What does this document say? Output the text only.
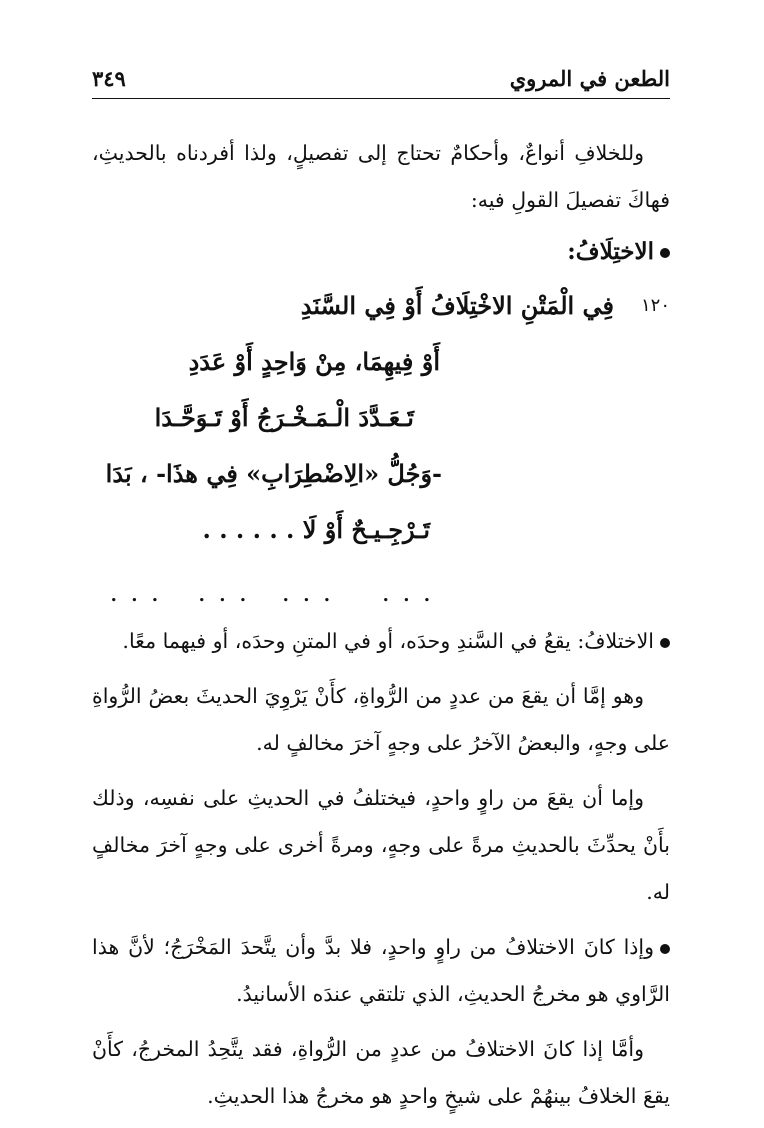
الطعن في المروي
٣٤٩

وللخلافِ أنواعٌ، وأحكامٌ تحتاج إلى تفصيلٍ، ولذا أفردناه بالحديثِ، فهاكَ تفصيلَ القولِ فيه:

الاختِلَافُ:
١٢٠
فِي الْمَتْنِ الاخْتِلَافُ أَوْ فِي السَّنَدِ
أَوْ فِيهِمَا، مِنْ وَاحِدٍ أَوْ عَدَدِ
تَـعَـدَّدَ الْـمَـخْـرَجُ أَوْ تَـوَحَّـدَا
-وَجُلُّ «الِاضْطِرَابِ» فِي هذَا- ، بَدَا
تَـرْجِـيـحٌ أَوْ لَا . . . . . .
. . .
. . .
. . .
. . .

الاختلافُ: يقعُ في السَّندِ وحدَه، أو في المتنِ وحدَه، أو فيهما معًا.

وهو إمَّا أن يقعَ من عددٍ من الرُّواةِ، كأَنْ يَرْوِيَ الحديثَ بعضُ الرُّواةِ على وجهٍ، والبعضُ الآخرُ على وجهٍ آخرَ مخالفٍ له.

وإما أن يقعَ من راوٍ واحدٍ، فيختلفُ في الحديثِ على نفسِه، وذلك بأَنْ يحدِّثَ بالحديثِ مرةً على وجهٍ، ومرةً أخرى على وجهٍ آخرَ مخالفٍ له.

وإذا كانَ الاختلافُ من راوٍ واحدٍ، فلا بدَّ وأن يتَّحدَ المَخْرَجُ؛ لأنَّ هذا الرَّاوي هو مخرجُ الحديثِ، الذي تلتقي عندَه الأسانيدُ.

وأمَّا إذا كانَ الاختلافُ من عددٍ من الرُّواةِ، فقد يتَّحِدُ المخرجُ، كأَنْ يقعَ الخلافُ بينهُمْ على شيخٍ واحدٍ هو مخرجُ هذا الحديثِ.
